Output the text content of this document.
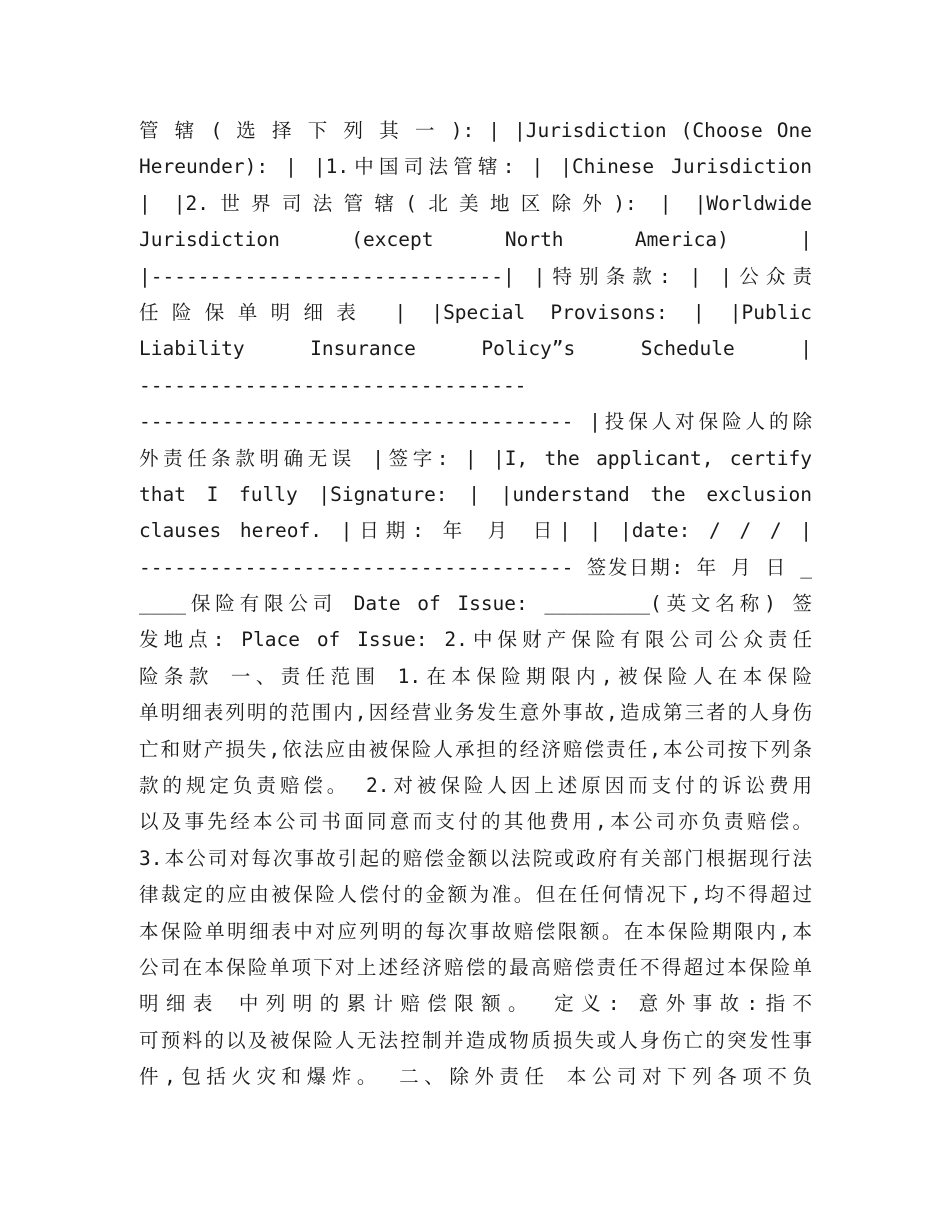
管 辖 ( 选 择 下 列 其 一 ): | |Jurisdiction (Choose One
Hereunder): | |1.中国司法管辖: | |Chinese Jurisdiction
| |2.世界司法管辖(北美地区除外): | |Worldwide
Jurisdiction (except North America) |
|------------------------------| |特别条款: | |公众责
任险保单明细表 | |Special Provisons: | |Public
Liability Insurance Policy”s Schedule |
---------------------------------
------------------------------------- |投保人对保险人的除
外责任条款明确无误 |签字: | |I, the applicant, certify
that I fully |Signature: | |understand the exclusion
clauses hereof. |日期: 年 月 日| | |date: / / / |
------------------------------------- 签发日期: 年 月 日 _
____保险有限公司 Date of Issue: _________(英文名称) 签
发地点: Place of Issue: 2.中保财产保险有限公司公众责任
险条款 一、责任范围 1.在本保险期限内,被保险人在本保险
单明细表列明的范围内,因经营业务发生意外事故,造成第三者的人身伤
亡和财产损失,依法应由被保险人承担的经济赔偿责任,本公司按下列条
款的规定负责赔偿。 2.对被保险人因上述原因而支付的诉讼费用
以及事先经本公司书面同意而支付的其他费用,本公司亦负责赔偿。
3.本公司对每次事故引起的赔偿金额以法院或政府有关部门根据现行法
律裁定的应由被保险人偿付的金额为准。但在任何情况下,均不得超过
本保险单明细表中对应列明的每次事故赔偿限额。在本保险期限内,本
公司在本保险单项下对上述经济赔偿的最高赔偿责任不得超过本保险单
明细表 中列明的累计赔偿限额。 定义: 意外事故:指不
可预料的以及被保险人无法控制并造成物质损失或人身伤亡的突发性事
件,包括火灾和爆炸。 二、除外责任 本公司对下列各项不负
